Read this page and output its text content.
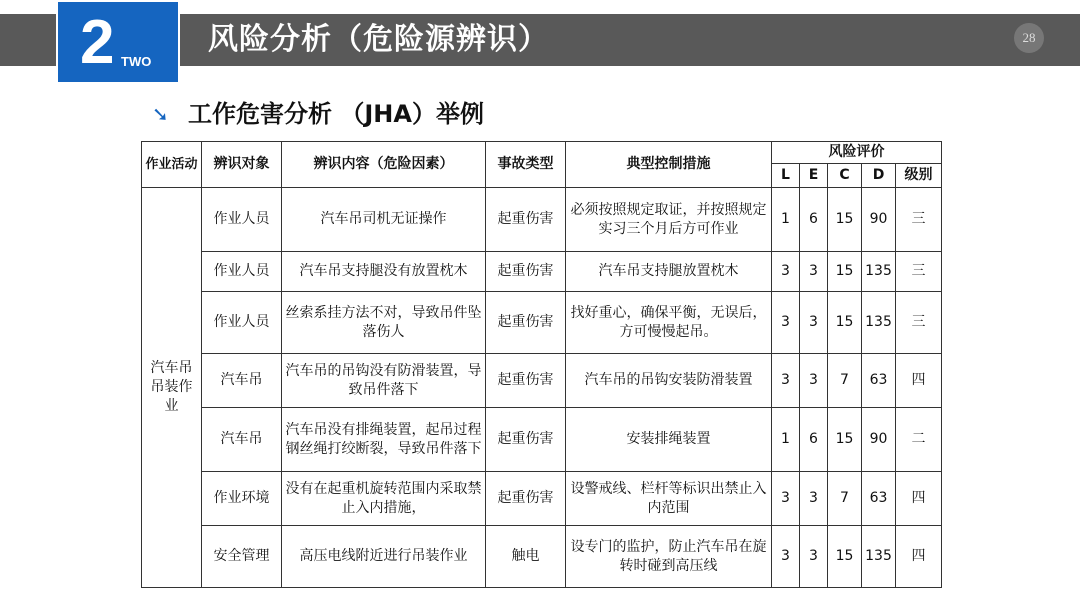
2 TWO
风险分析（危险源辨识）	28
➘ 工作危害分析 （JHA）举例
作业活动	辨识对象	辨识内容（危险因素）	事故类型	典型控制措施	风险评价				
					L	E	C	D	级别
汽车吊吊装作业	作业人员	汽车吊司机无证操作	起重伤害	必须按照规定取证，并按照规定实习三个月后方可作业	1	6	15	90	三
	作业人员	汽车吊支持腿没有放置枕木	起重伤害	汽车吊支持腿放置枕木	3	3	15	135	三
	作业人员	丝索系挂方法不对，导致吊件坠落伤人	起重伤害	找好重心，确保平衡，无误后，方可慢慢起吊。	3	3	15	135	三
	汽车吊	汽车吊的吊钩没有防滑装置，导致吊件落下	起重伤害	汽车吊的吊钩安装防滑装置	3	3	7	63	四
	汽车吊	汽车吊没有排绳装置，起吊过程钢丝绳打绞断裂，导致吊件落下	起重伤害	安装排绳装置	1	6	15	90	二
	作业环境	没有在起重机旋转范围内采取禁止入内措施，	起重伤害	设警戒线、栏杆等标识出禁止入内范围	3	3	7	63	四
	安全管理	高压电线附近进行吊装作业	触电	设专门的监护，防止汽车吊在旋转时碰到高压线	3	3	15	135	四
